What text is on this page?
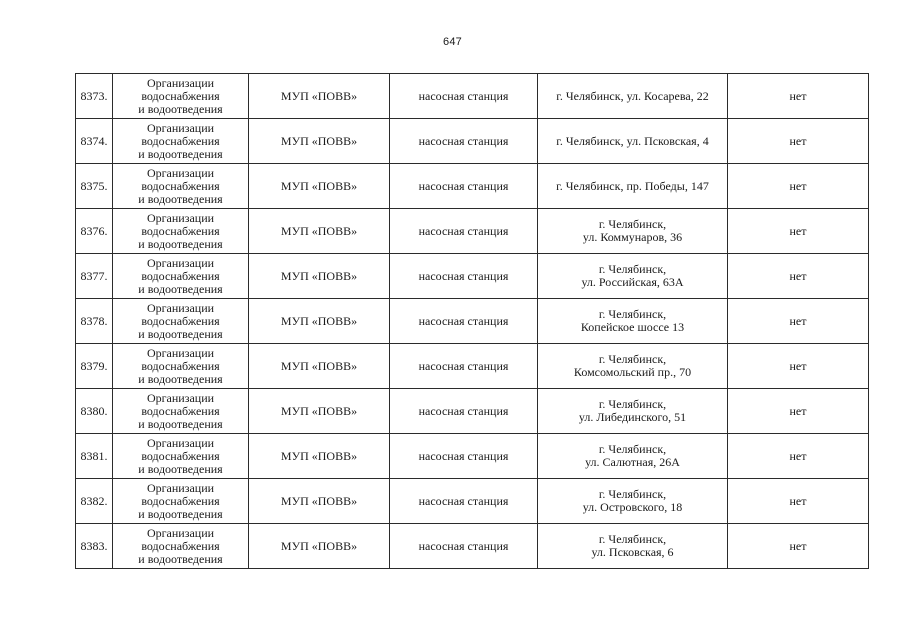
647
8373.	Организации
водоснабжения
и водоотведения	МУП «ПОВВ»	насосная станция	г. Челябинск, ул. Косарева, 22	нет
8374.	Организации
водоснабжения
и водоотведения	МУП «ПОВВ»	насосная станция	г. Челябинск, ул. Псковская, 4	нет
8375.	Организации
водоснабжения
и водоотведения	МУП «ПОВВ»	насосная станция	г. Челябинск, пр. Победы, 147	нет
8376.	Организации
водоснабжения
и водоотведения	МУП «ПОВВ»	насосная станция	г. Челябинск,
ул. Коммунаров, 36	нет
8377.	Организации
водоснабжения
и водоотведения	МУП «ПОВВ»	насосная станция	г. Челябинск,
ул. Российская, 63А	нет
8378.	Организации
водоснабжения
и водоотведения	МУП «ПОВВ»	насосная станция	г. Челябинск,
Копейское шоссе 13	нет
8379.	Организации
водоснабжения
и водоотведения	МУП «ПОВВ»	насосная станция	г. Челябинск,
Комсомольский пр., 70	нет
8380.	Организации
водоснабжения
и водоотведения	МУП «ПОВВ»	насосная станция	г. Челябинск,
ул. Либединского, 51	нет
8381.	Организации
водоснабжения
и водоотведения	МУП «ПОВВ»	насосная станция	г. Челябинск,
ул. Салютная, 26А	нет
8382.	Организации
водоснабжения
и водоотведения	МУП «ПОВВ»	насосная станция	г. Челябинск,
ул. Островского, 18	нет
8383.	Организации
водоснабжения
и водоотведения	МУП «ПОВВ»	насосная станция	г. Челябинск,
ул. Псковская, 6	нет
